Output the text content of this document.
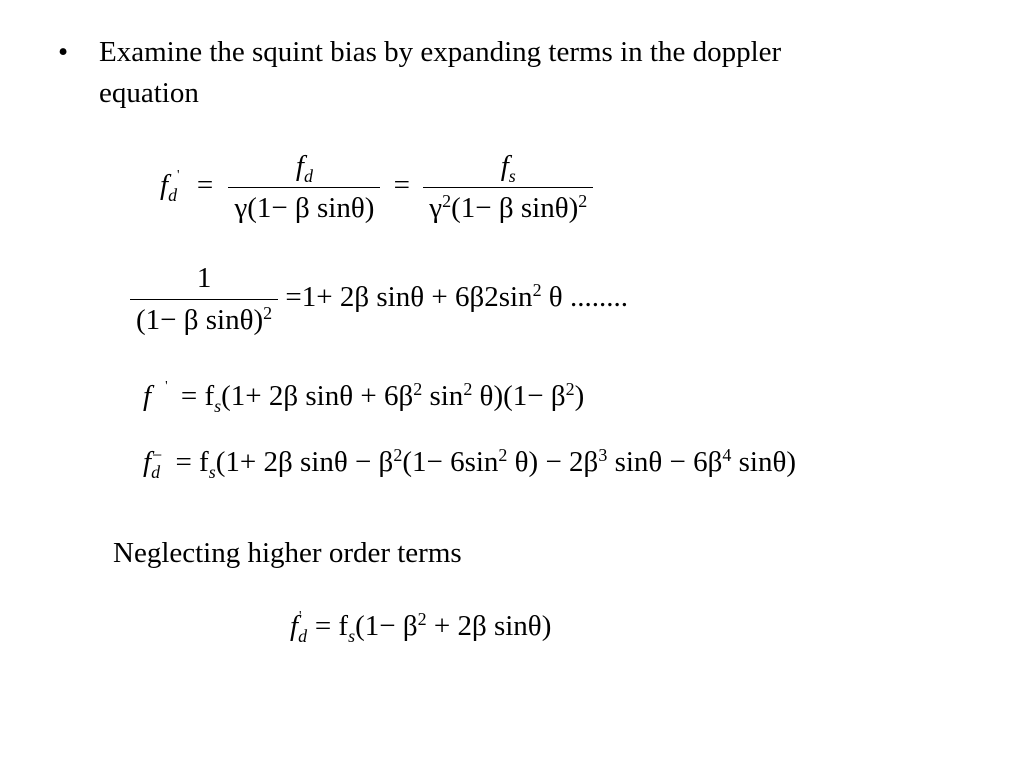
• Examine the squint bias by expanding terms in the doppler
equation
$f_d' = \frac{f_d}{\text{γ(1− β sinθ)}} = \frac{f_s}{\gamma^2(1- \beta \sin\theta)^2}$
$\frac{1}{(1- \beta \sin\theta)^2} =1+ 2\beta$ $\sin\theta + 6\beta 2\sin^2$ θ ........
f $' = f_s(1+ 2\beta$ $\sin\theta + 6\beta^2$ $\sin^2 \theta)(1- \beta^2)$
$f_d^- = f_s(1+ 2\beta$ $\sin\theta - \beta^2(1- 6\sin^2$ $\theta) - 2\beta^3$ $\sin\theta - 6\beta^4$ sinθ)
Neglecting higher order terms
$f_d' = f_s(1- \beta^2 + 2\beta$ sinθ)
